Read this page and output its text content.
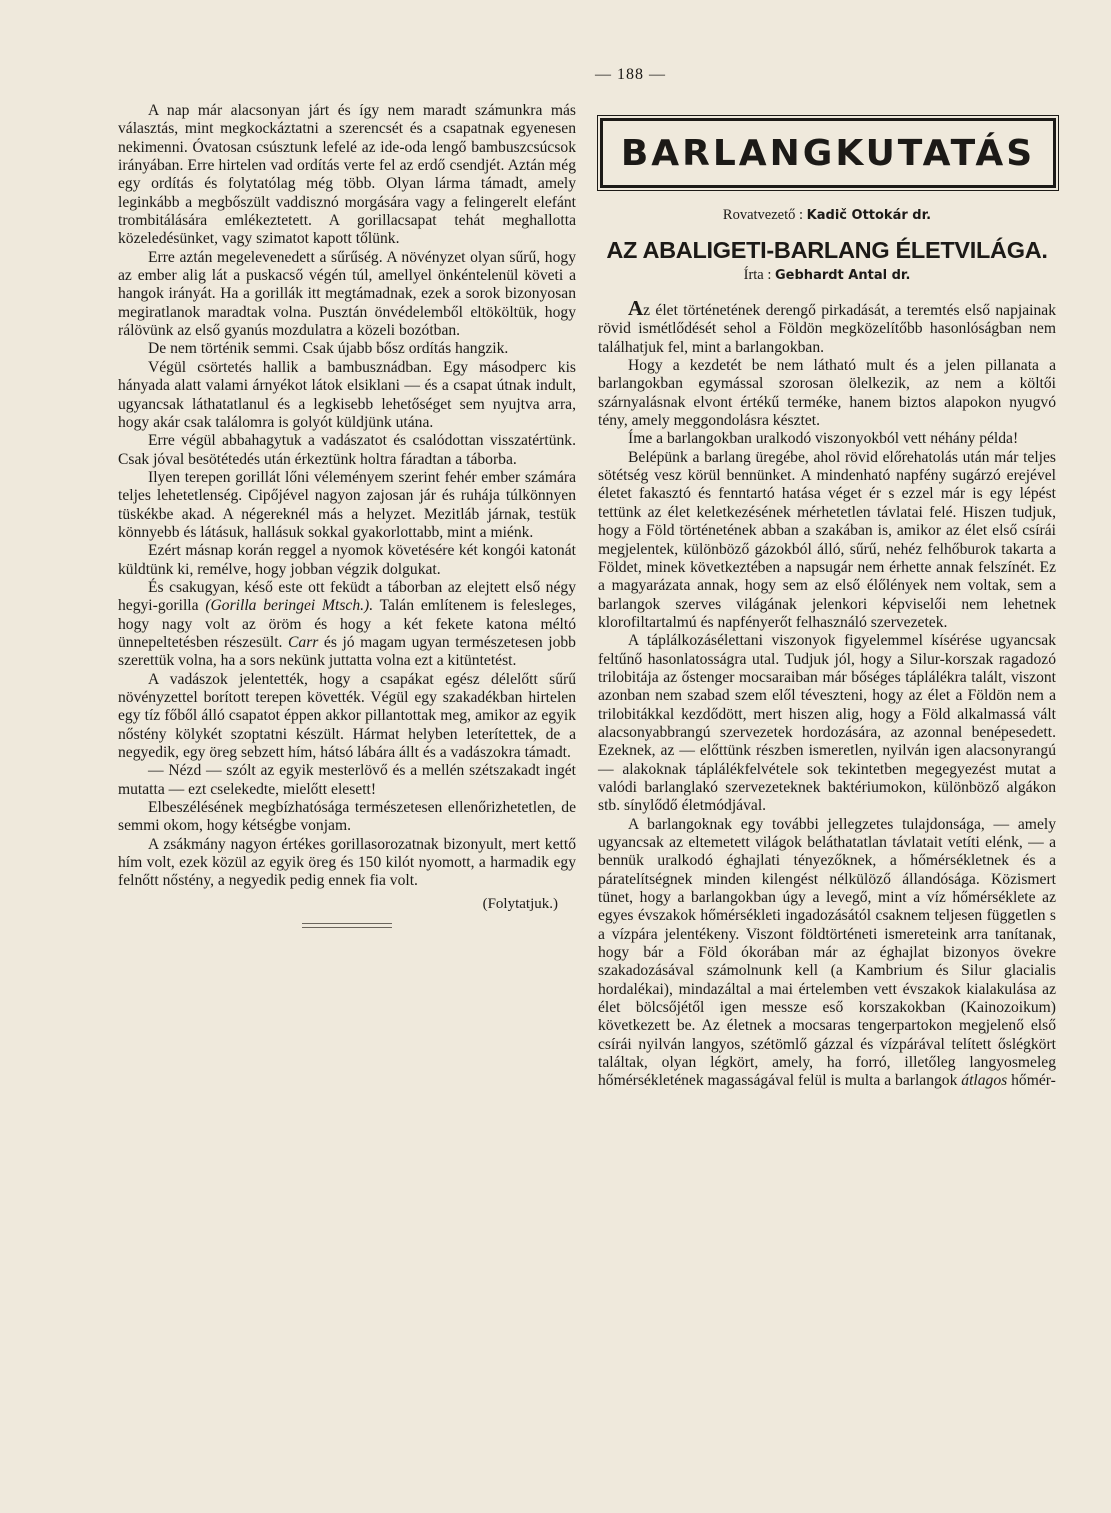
— 188 —

A nap már alacsonyan járt és így nem maradt számunkra más választás, mint megkockáztatni a szerencsét és a csapatnak egyenesen nekimenni. Óvatosan csúsztunk lefelé az ide-oda lengő bambuszcsúcsok irányában. Erre hirtelen vad ordítás verte fel az erdő csendjét. Aztán még egy ordítás és folytatólag még több. Olyan lárma támadt, amely leginkább a megbőszült vaddisznó morgására vagy a felingerelt elefánt trombitálására emlékeztetett. A gorillacsapat tehát meghallotta közeledésünket, vagy szimatot kapott tőlünk.

Erre aztán megelevenedett a sűrűség. A növényzet olyan sűrű, hogy az ember alig lát a puskacső végén túl, amellyel önkéntelenül követi a hangok irányát. Ha a gorillák itt megtámadnak, ezek a sorok bizonyosan megiratlanok maradtak volna. Pusztán önvédelemből eltököltük, hogy rálövünk az első gyanús mozdulatra a közeli bozótban.

De nem történik semmi. Csak újabb bősz ordítás hangzik.

Végül csörtetés hallik a bambusznádban. Egy másodperc kis hányada alatt valami árnyékot látok elsiklani — és a csapat útnak indult, ugyancsak láthatatlanul és a legkisebb lehetőséget sem nyujtva arra, hogy akár csak találomra is golyót küldjünk utána.

Erre végül abbahagytuk a vadászatot és csalódottan visszatértünk. Csak jóval besötétedés után érkeztünk holtra fáradtan a táborba.

Ilyen terepen gorillát lőni véleményem szerint fehér ember számára teljes lehetetlenség. Cipőjével nagyon zajosan jár és ruhája túlkönnyen tüskékbe akad. A négereknél más a helyzet. Mezitláb járnak, testük könnyebb és látásuk, hallásuk sokkal gyakorlottabb, mint a miénk.

Ezért másnap korán reggel a nyomok követésére két kongói katonát küldtünk ki, remélve, hogy jobban végzik dolgukat.

És csakugyan, késő este ott feküdt a táborban az elejtett első négy hegyi-gorilla (Gorilla beringei Mtsch.). Talán említenem is felesleges, hogy nagy volt az öröm és hogy a két fekete katona méltó ünnepeltetésben részesült. Carr és jó magam ugyan természetesen jobb szerettük volna, ha a sors nekünk juttatta volna ezt a kitüntetést.

A vadászok jelentették, hogy a csapákat egész délelőtt sűrű növényzettel borított terepen követték. Végül egy szakadékban hirtelen egy tíz főből álló csapatot éppen akkor pillantottak meg, amikor az egyik nőstény kölykét szoptatni készült. Hármat helyben leterítettek, de a negyedik, egy öreg sebzett hím, hátsó lábára állt és a vadászokra támadt.

— Nézd — szólt az egyik mesterlövő és a mellén szétszakadt ingét mutatta — ezt cselekedte, mielőtt elesett!

Elbeszélésének megbízhatósága természetesen ellenőrizhetetlen, de semmi okom, hogy kétségbe vonjam.

A zsákmány nagyon értékes gorillasorozatnak bizonyult, mert kettő hím volt, ezek közül az egyik öreg és 150 kilót nyomott, a harmadik egy felnőtt nőstény, a negyedik pedig ennek fia volt.

(Folytatjuk.)
BARLANGKUTATÁS
Rovatvezető : Kadič Ottokár dr.
AZ ABALIGETI-BARLANG ÉLETVILÁGA.
Írta : Gebhardt Antal dr.

Az élet történetének derengő pirkadását, a teremtés első napjainak rövid ismétlődését sehol a Földön megközelítőbb hasonlóságban nem találhatjuk fel, mint a barlangokban.

Hogy a kezdetét be nem látható mult és a jelen pillanata a barlangokban egymással szorosan ölelkezik, az nem a költői szárnyalásnak elvont értékű terméke, hanem biztos alapokon nyugvó tény, amely meggondolásra késztet.

Íme a barlangokban uralkodó viszonyokból vett néhány példa!

Belépünk a barlang üregébe, ahol rövid előrehatolás után már teljes sötétség vesz körül bennünket. A mindenható napfény sugárzó erejével életet fakasztó és fenntartó hatása véget ér s ezzel már is egy lépést tettünk az élet keletkezésének mérhetetlen távlatai felé. Hiszen tudjuk, hogy a Föld történetének abban a szakában is, amikor az élet első csírái megjelentek, különböző gázokból álló, sűrű, nehéz felhőburok takarta a Földet, minek következtében a napsugár nem érhette annak felszínét. Ez a magyarázata annak, hogy sem az első élőlények nem voltak, sem a barlangok szerves világának jelenkori képviselői nem lehetnek klorofiltartalmú és napfényerőt felhasználó szervezetek.

A táplálkozásélettani viszonyok figyelemmel kísérése ugyancsak feltűnő hasonlatosságra utal. Tudjuk jól, hogy a Silur-korszak ragadozó trilobitája az őstenger mocsaraiban már bőséges táplálékra talált, viszont azonban nem szabad szem elől téveszteni, hogy az élet a Földön nem a trilobitákkal kezdődött, mert hiszen alig, hogy a Föld alkalmassá vált alacsonyabbrangú szervezetek hordozására, az azonnal benépesedett. Ezeknek, az — előttünk részben ismeretlen, nyilván igen alacsonyrangú — alakoknak táplálékfelvétele sok tekintetben megegyezést mutat a valódi barlanglakó szervezeteknek baktériumokon, különböző algákon stb. sínylődő életmódjával.

A barlangoknak egy további jellegzetes tulajdonsága, — amely ugyancsak az eltemetett világok beláthatatlan távlatait vetíti elénk, — a bennük uralkodó éghajlati tényezőknek, a hőmérsékletnek és a páratelítségnek minden kilengést nélkülöző állandósága. Közismert tünet, hogy a barlangokban úgy a levegő, mint a víz hőmérséklete az egyes évszakok hőmérsékleti ingadozásától csaknem teljesen független s a vízpára jelentékeny. Viszont földtörténeti ismereteink arra tanítanak, hogy bár a Föld ókorában már az éghajlat bizonyos övekre szakadozásával számolnunk kell (a Kambrium és Silur glacialis hordalékai), mindazáltal a mai értelemben vett évszakok kialakulása az élet bölcsőjétől igen messze eső korszakokban (Kainozoikum) következett be. Az életnek a mocsaras tengerpartokon megjelenő első csírái nyilván langyos, szétömlő gázzal és vízpárával telített őslégkört találtak, olyan légkört, amely, ha forró, illetőleg langyosmeleg hőmérsékletének magasságával felül is multa a barlangok átlagos hőmér-
